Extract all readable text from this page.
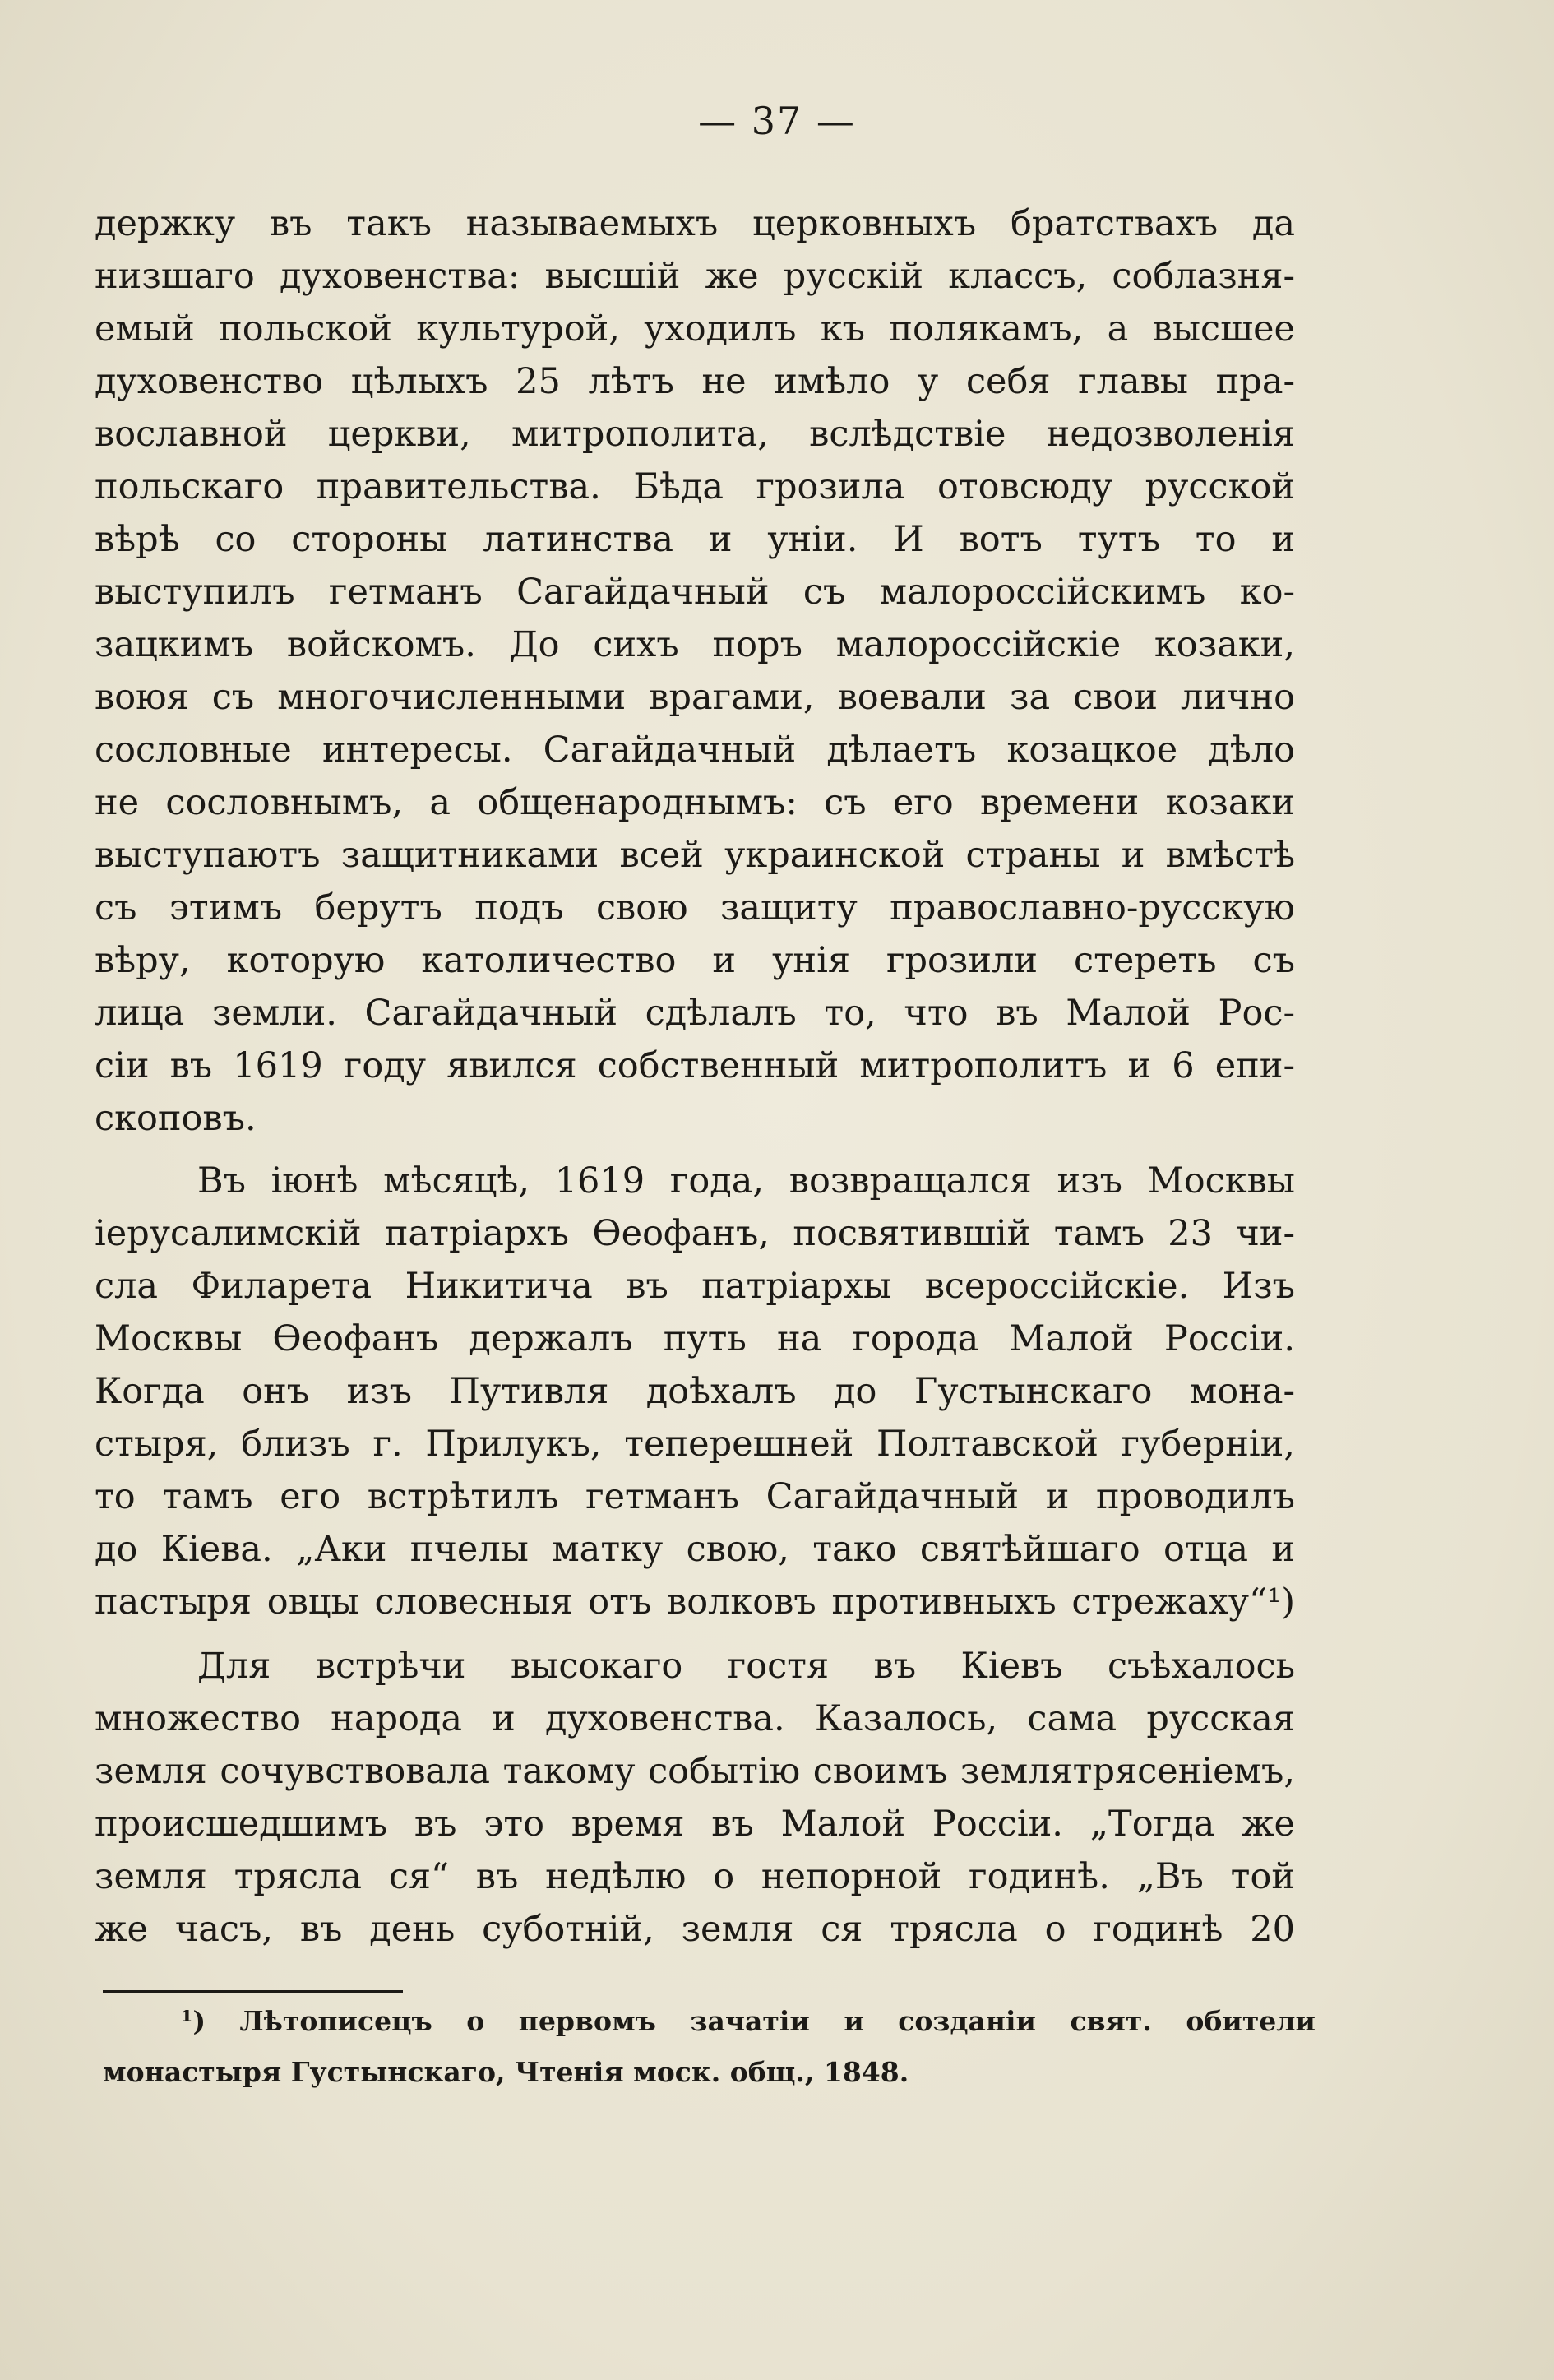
— 37 —
держку въ такъ называемыхъ церковныхъ братствахъ да
низшаго духовенства: высшій же русскій классъ, соблазня-
емый польской культурой, уходилъ къ полякамъ, а высшее
духовенство цѣлыхъ 25 лѣтъ не имѣло у себя главы пра-
вославной церкви, митрополита, вслѣдствіе недозволенія
польскаго правительства. Бѣда грозила отовсюду русской
вѣрѣ со стороны латинства и уніи. И вотъ тутъ то и
выступилъ гетманъ Сагайдачный съ малороссійскимъ ко-
зацкимъ войскомъ. До сихъ поръ малороссійскіе козаки,
воюя съ многочисленными врагами, воевали за свои лично
сословные интересы. Сагайдачный дѣлаетъ козацкое дѣло
не сословнымъ, а общенароднымъ: съ его времени козаки
выступаютъ защитниками всей украинской страны и вмѣстѣ
съ этимъ берутъ подъ свою защиту православно-русскую
вѣру, которую католичество и унія грозили стереть съ
лица земли. Сагайдачный сдѣлалъ то, что въ Малой Рос-
сіи въ 1619 году явился собственный митрополитъ и 6 епи-
скоповъ.
Въ іюнѣ мѣсяцѣ, 1619 года, возвращался изъ Москвы
іерусалимскій патріархъ Ѳеофанъ, посвятившій тамъ 23 чи-
сла Филарета Никитича въ патріархы всероссійскіе. Изъ
Москвы Ѳеофанъ держалъ путь на города Малой Россіи.
Когда онъ изъ Путивля доѣхалъ до Густынскаго мона-
стыря, близъ г. Прилукъ, теперешней Полтавской губерніи,
то тамъ его встрѣтилъ гетманъ Сагайдачный и проводилъ
до Кіева. „Аки пчелы матку свою, тако святѣйшаго отца и
пастыря овцы словесныя отъ волковъ противныхъ стрежаху“¹)
Для встрѣчи высокаго гостя въ Кіевъ съѣхалось
множество народа и духовенства. Казалось, сама русская
земля сочувствовала такому событію своимъ землятрясеніемъ,
происшедшимъ въ это время въ Малой Россіи. „Тогда же
земля трясла ся“ въ недѣлю о непорной годинѣ. „Въ той
же часъ, въ день суботній, земля ся трясла о годинѣ 20
¹) Лѣтописецъ о первомъ зачатіи и созданіи свят. обители
монастыря Густынскаго, Чтенія моск. общ., 1848.
